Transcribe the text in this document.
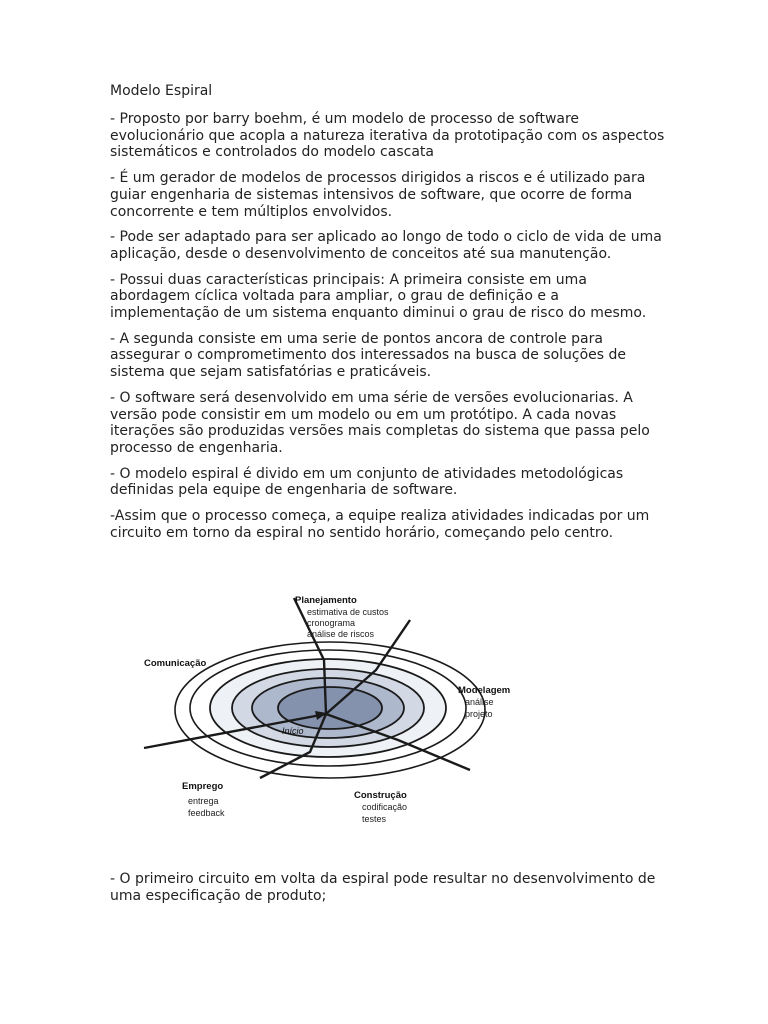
Modelo Espiral

- Proposto por barry boehm, é um modelo de processo de software evolucionário que acopla a natureza iterativa da prototipação com os aspectos sistemáticos e controlados do modelo cascata

- É um gerador de modelos de processos dirigidos a riscos e é utilizado para guiar engenharia de sistemas intensivos de software, que ocorre de forma concorrente e tem múltiplos envolvidos.

- Pode ser adaptado para ser aplicado ao longo de todo o ciclo de vida de uma aplicação, desde o desenvolvimento de conceitos até sua manutenção.

- Possui duas características principais: A primeira consiste em uma abordagem cíclica voltada para ampliar, o grau de definição e a implementação de um sistema enquanto diminui o grau de risco do mesmo.

- A segunda consiste em uma serie de pontos ancora de controle para assegurar o comprometimento dos interessados na busca de soluções de sistema que sejam satisfatórias e praticáveis.

- O software será desenvolvido em uma série de versões evolucionarias. A versão pode consistir em um modelo ou em um protótipo. A cada novas iterações são produzidas versões mais completas do sistema que passa pelo processo de engenharia.

- O modelo espiral é divido em um conjunto de atividades metodológicas definidas pela equipe de engenharia de software.

-Assim que o processo começa, a equipe realiza atividades indicadas por um circuito em torno da espiral no sentido horário, começando pelo centro.

Início
Planejamento
estimativa de custos
cronograma
análise de riscos
Comunicação
Modelagem
análise
projeto
Emprego
entrega
feedback
Construção
codificação
testes

- O primeiro circuito em volta da espiral pode resultar no desenvolvimento de uma especificação de produto;
